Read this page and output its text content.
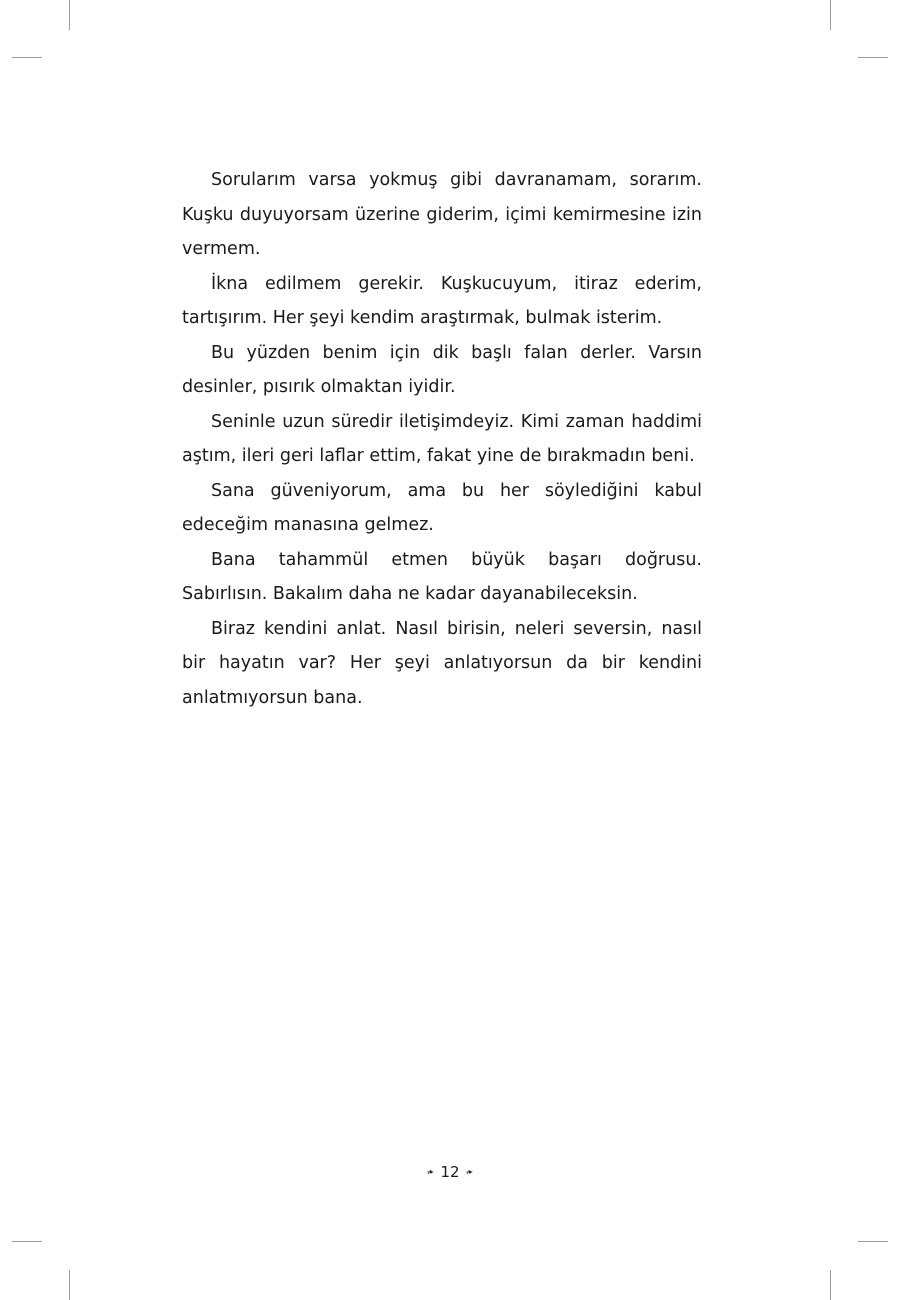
Sorularım varsa yokmuş gibi davranamam, sorarım. Kuşku duyuyorsam üzerine giderim, içimi kemirmesine izin vermem.

İkna edilmem gerekir. Kuşkucuyum, itiraz ederim, tartışırım. Her şeyi kendim araştırmak, bulmak isterim.

Bu yüzden benim için dik başlı falan derler. Varsın desinler, pısırık olmaktan iyidir.

Seninle uzun süredir iletişimdeyiz. Kimi zaman haddimi aştım, ileri geri laflar ettim, fakat yine de bırakmadın beni.

Sana güveniyorum, ama bu her söylediğini kabul edeceğim manasına gelmez.

Bana tahammül etmen büyük başarı doğrusu. Sabırlısın. Bakalım daha ne kadar dayanabileceksin.

Biraz kendini anlat. Nasıl birisin, neleri seversin, nasıl bir hayatın var? Her şeyi anlatıyorsun da bir kendini anlatmıyorsun bana.

❧ 12 ❧
